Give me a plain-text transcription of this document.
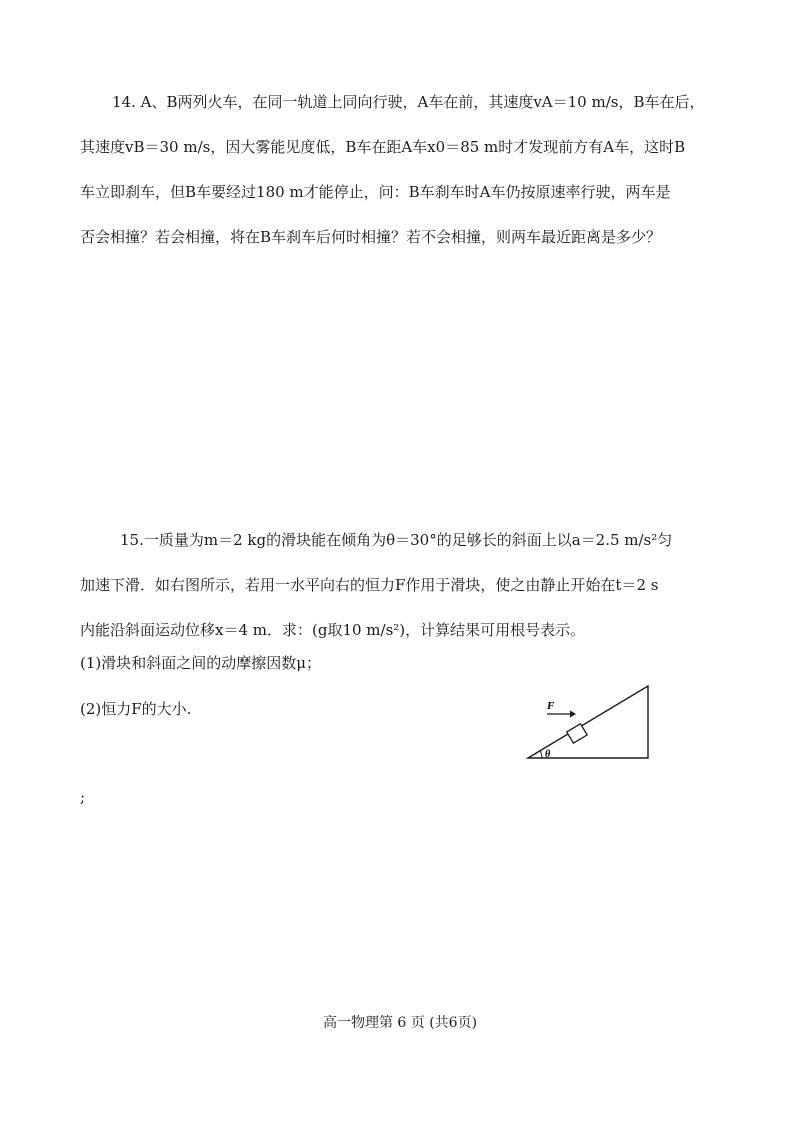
14. A、B两列火车，在同一轨道上同向行驶，A车在前，其速度vA＝10 m/s，B车在后，
其速度vB＝30 m/s，因大雾能见度低，B车在距A车x0＝85 m时才发现前方有A车，这时B
车立即刹车，但B车要经过180 m才能停止，问：B车刹车时A车仍按原速率行驶，两车是
否会相撞？若会相撞，将在B车刹车后何时相撞？若不会相撞，则两车最近距离是多少？
15.一质量为m＝2 kg的滑块能在倾角为θ＝30°的足够长的斜面上以a＝2.5 m/s²匀
加速下滑．如右图所示，若用一水平向右的恒力F作用于滑块，使之由静止开始在t＝2 s
内能沿斜面运动位移x＝4 m．求：(g取10 m/s²)，计算结果可用根号表示。
(1)滑块和斜面之间的动摩擦因数μ；
(2)恒力F的大小.	F
θ
;
高一物理第 6 页 (共6页)
